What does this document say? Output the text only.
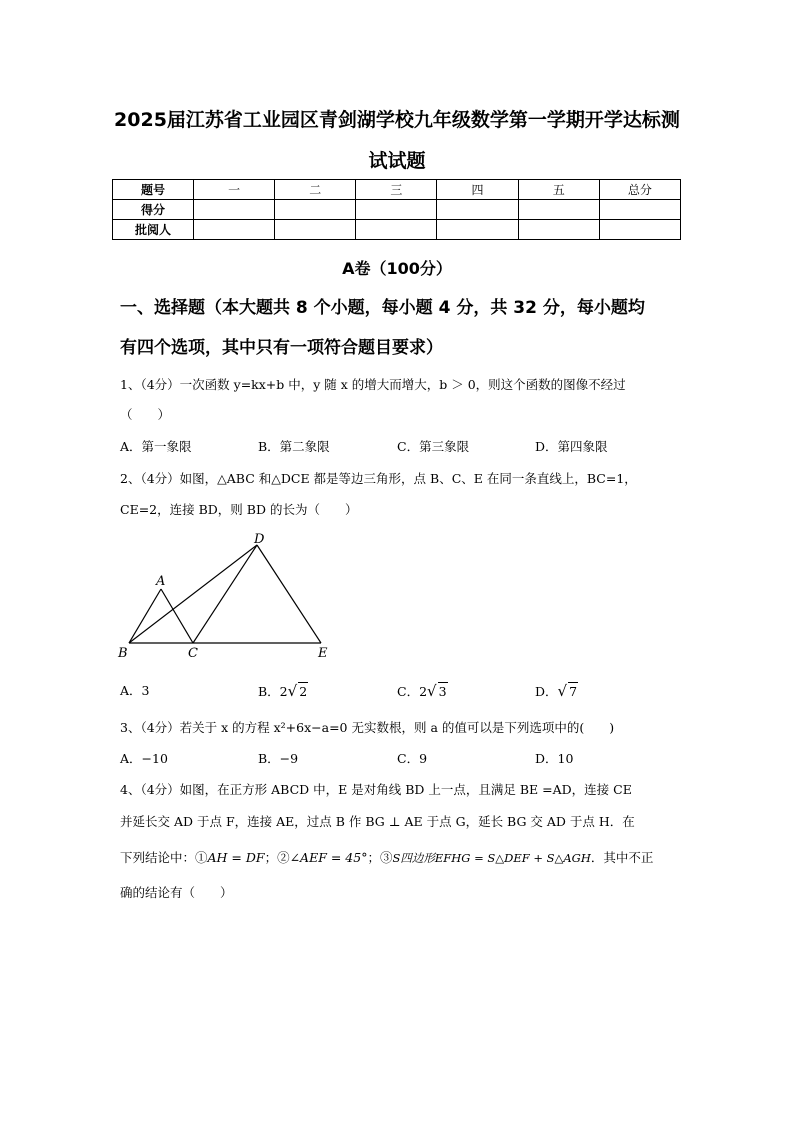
2025届江苏省工业园区青剑湖学校九年级数学第一学期开学达标测
试试题
题号	一	二	三	四	五	总分
得分						
批阅人						
A卷（100分）
一、选择题（本大题共 8 个小题，每小题 4 分，共 32 分，每小题均
有四个选项，其中只有一项符合题目要求）
1、（4分）一次函数 y=kx+b 中，y 随 x 的增大而增大，b ＞ 0，则这个函数的图像不经过
（　　）
A．第一象限	B．第二象限	C．第三象限	D．第四象限
2、（4分）如图，△ABC 和△DCE 都是等边三角形，点 B、C、E 在同一条直线上，BC=1，
CE=2，连接 BD，则 BD 的长为（　　）
A
B	C
D
E
A．3	B．2√ 2	C．2√ 3	D．√ 7
3、（4分）若关于 x 的方程 x²+6x−a=0 无实数根，则 a 的值可以是下列选项中的(　　)
A．−10	B．−9	C．9	D．10
4、（4分）如图，在正方形 ABCD 中，E 是对角线 BD 上一点，且满足 BE =AD，连接 CE
并延长交 AD 于点 F，连接 AE，过点 B 作 BG ⊥ AE 于点 G，延长 BG 交 AD 于点 H．在
下列结论中：①AH = DF；②∠AEF = 45°；③S四边形EFHG = S△DEF + S△AGH．其中不正
确的结论有（　　）
